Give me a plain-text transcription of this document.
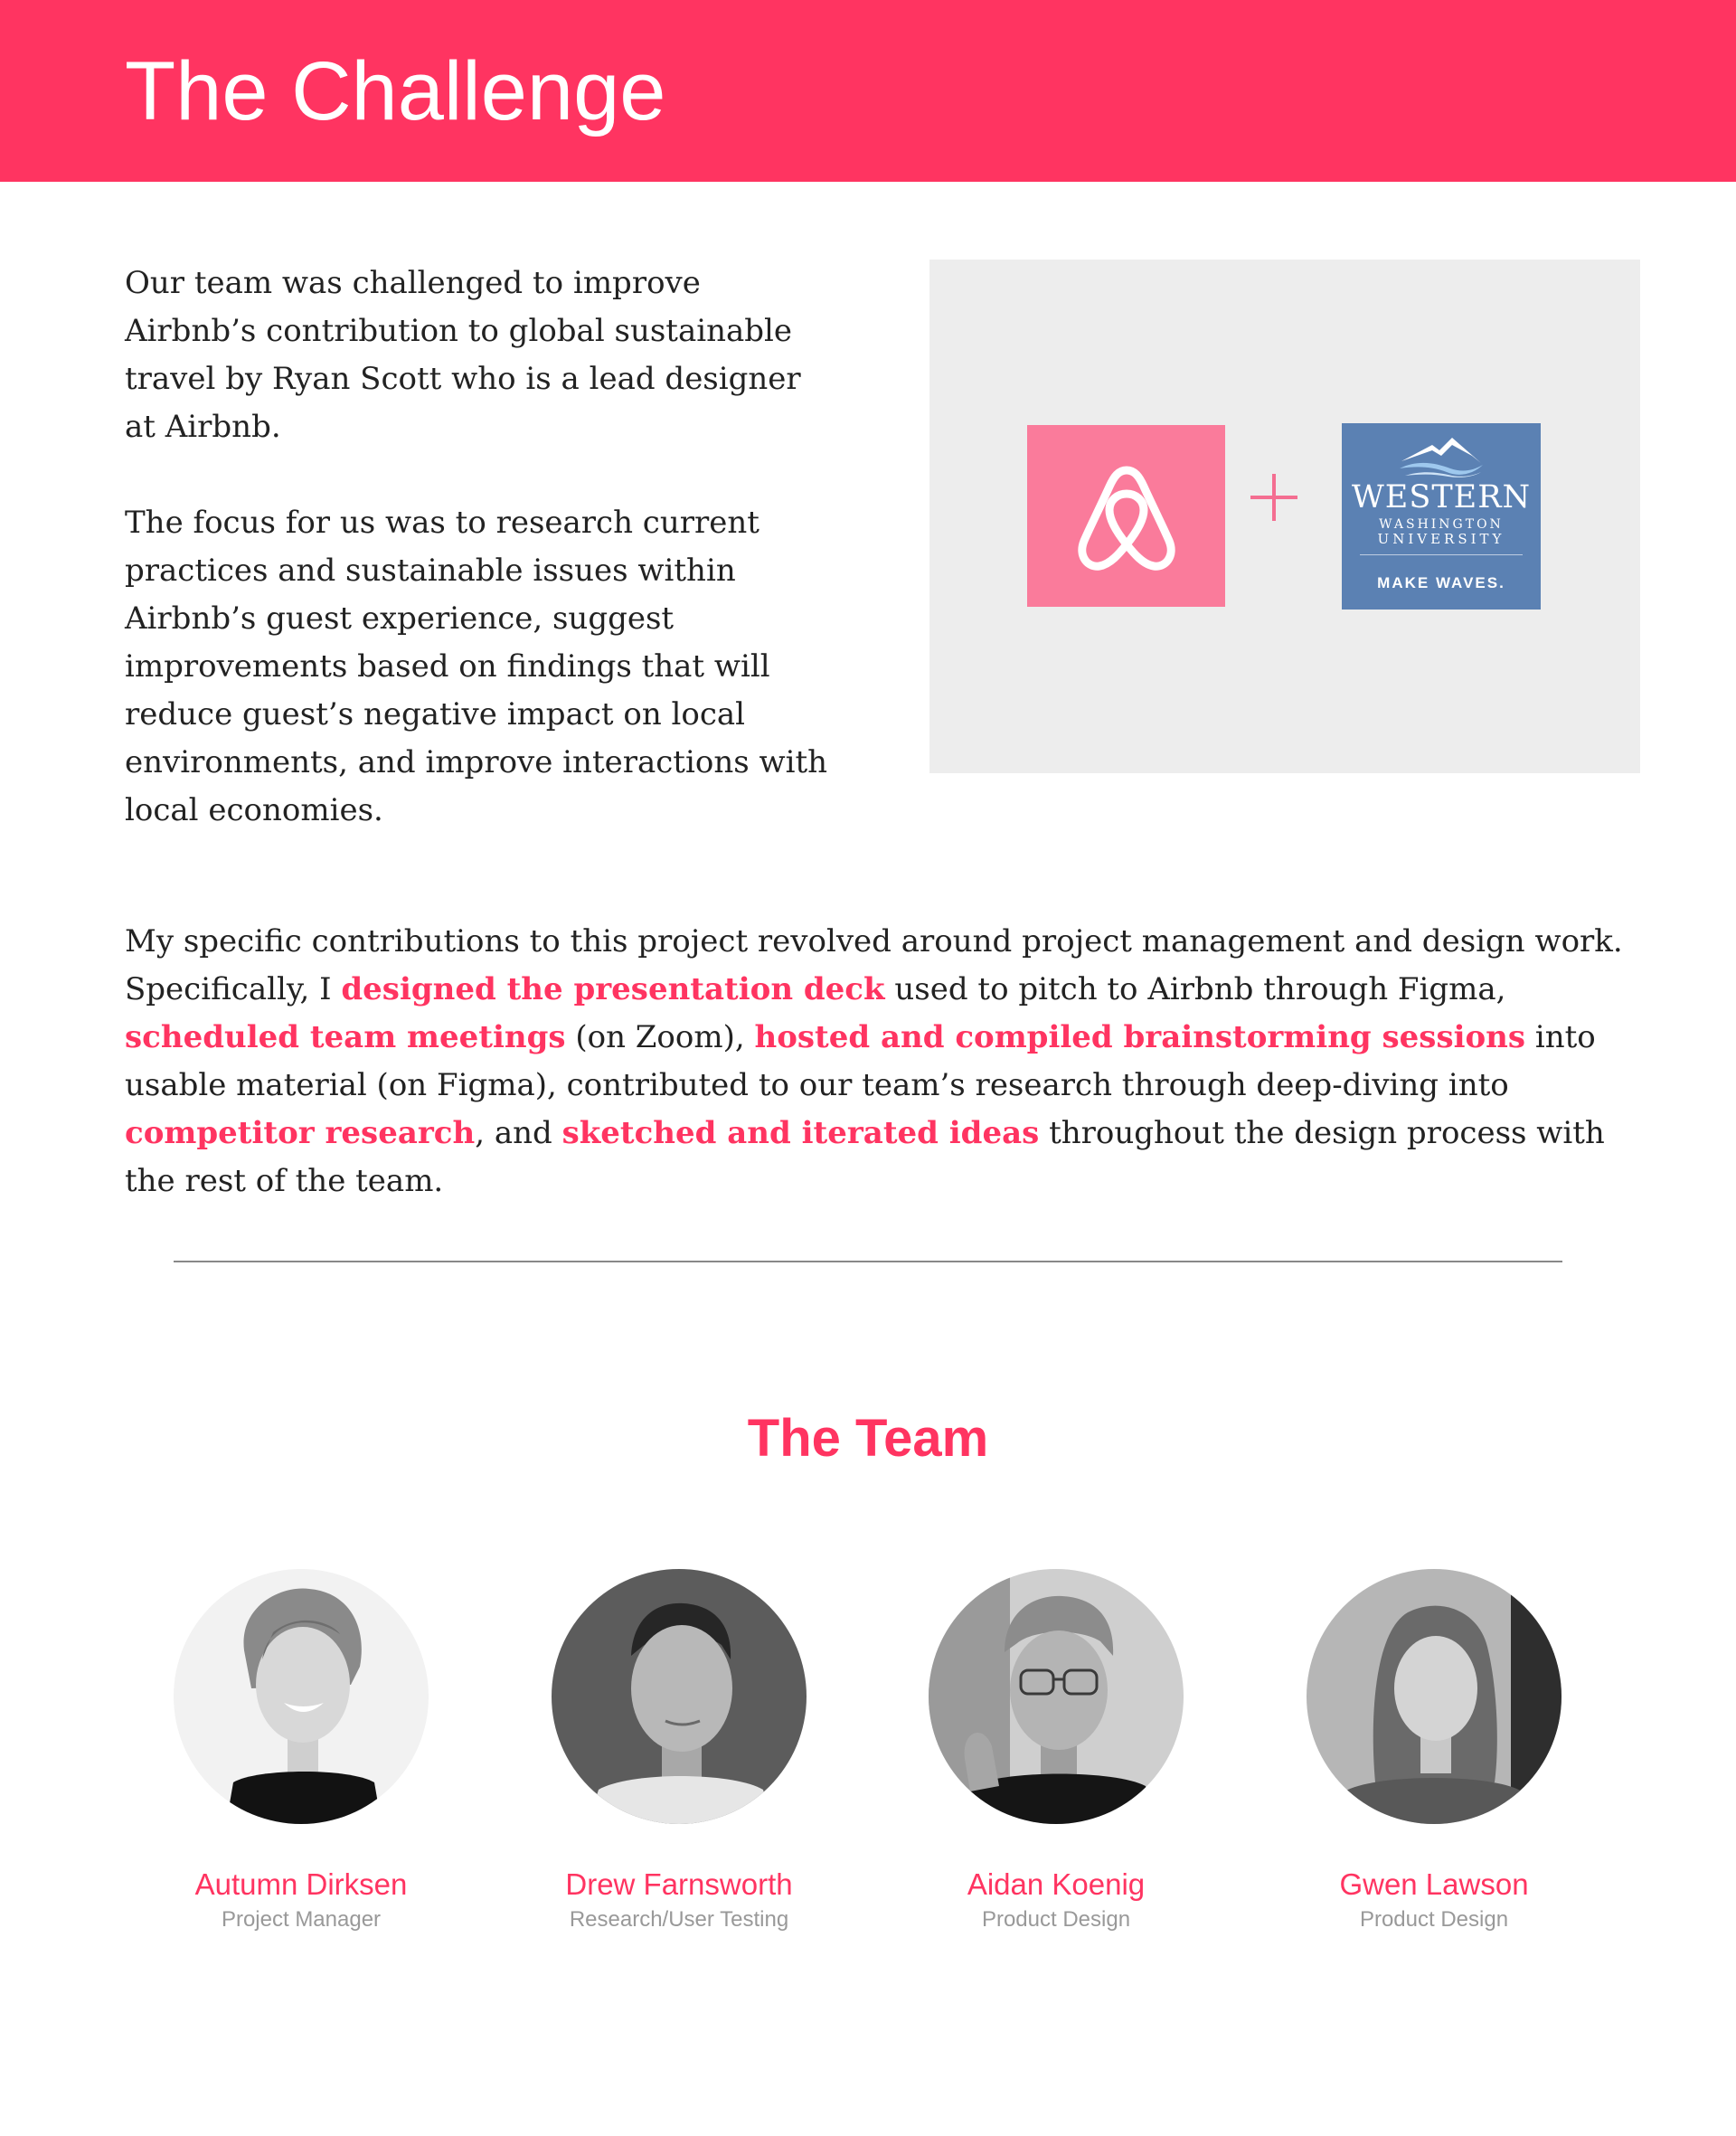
The Challenge

Our team was challenged to improve Airbnb’s contribution to global sustainable travel by Ryan Scott who is a lead designer at Airbnb.

The focus for us was to research current practices and sustainable issues within Airbnb’s guest experience, suggest improvements based on findings that will reduce guest’s negative impact on local environments, and improve interactions with local economies.

WESTERN
WASHINGTON
UNIVERSITY
MAKE WAVES.

My specific contributions to this project revolved around project management and design work. Specifically, I designed the presentation deck used to pitch to Airbnb through Figma, scheduled team meetings (on Zoom), hosted and compiled brainstorming sessions into usable material (on Figma), contributed to our team’s research through deep-diving into competitor research, and sketched and iterated ideas throughout the design process with the rest of the team.

The Team
Autumn Dirksen
Project Manager
Drew Farnsworth
Research/User Testing
Aidan Koenig
Product Design
Gwen Lawson
Product Design
